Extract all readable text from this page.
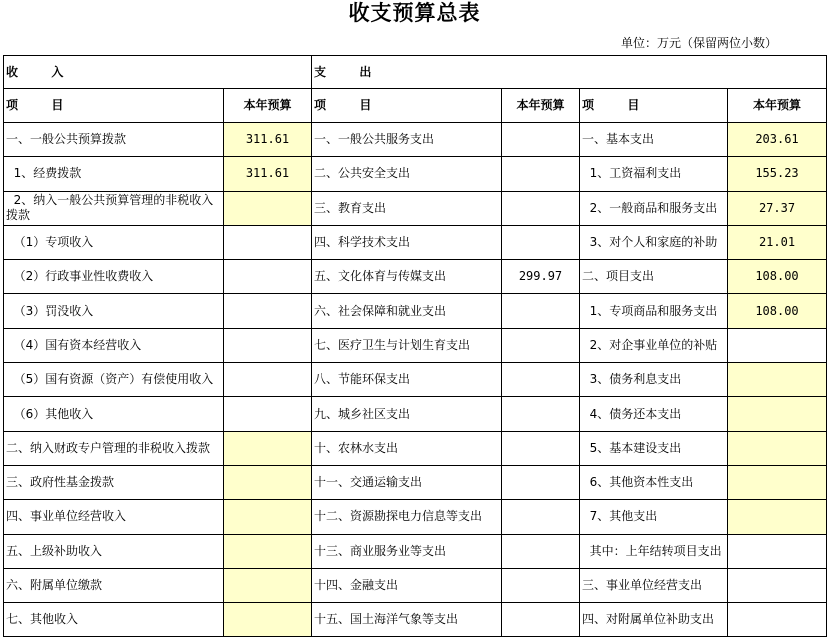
收支预算总表
单位：万元（保留两位小数）
收        入		支        出			
项        目	本年预算	项        目	本年预算	项        目	本年预算
一、一般公共预算拨款	311.61	一、一般公共服务支出		一、基本支出	203.61
1、经费拨款	311.61	二、公共安全支出		1、工资福利支出	155.23
2、纳入一般公共预算管理的非税收入拨款		三、教育支出		2、一般商品和服务支出	27.37
（1）专项收入		四、科学技术支出		3、对个人和家庭的补助	21.01
（2）行政事业性收费收入		五、文化体育与传媒支出	299.97	二、项目支出	108.00
（3）罚没收入		六、社会保障和就业支出		1、专项商品和服务支出	108.00
（4）国有资本经营收入		七、医疗卫生与计划生育支出		2、对企事业单位的补贴	
（5）国有资源（资产）有偿使用收入		八、节能环保支出		3、债务利息支出	
（6）其他收入		九、城乡社区支出		4、债务还本支出	
二、纳入财政专户管理的非税收入拨款		十、农林水支出		5、基本建设支出	
三、政府性基金拨款		十一、交通运输支出		6、其他资本性支出	
四、事业单位经营收入		十二、资源勘探电力信息等支出		7、其他支出	
五、上级补助收入		十三、商业服务业等支出		其中：上年结转项目支出	
六、附属单位缴款		十四、金融支出		三、事业单位经营支出	
七、其他收入		十五、国土海洋气象等支出		四、对附属单位补助支出	
